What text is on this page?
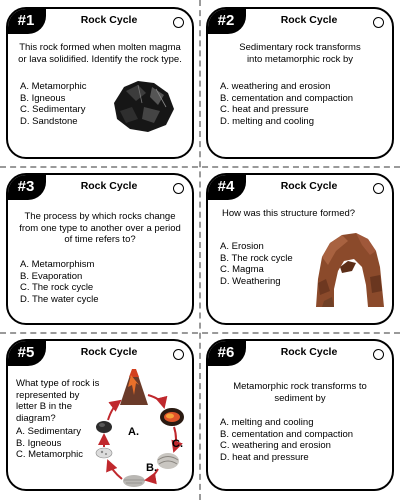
#1	Rock Cycle
This rock formed when molten magma or lava solidified. Identify the rock type.
A. Metamorphic
B. Igneous
C. Sedimentary
D. Sandstone
#2	Rock Cycle
Sedimentary rock transforms into metamorphic rock by
A. weathering and erosion
B. cementation and compaction
C. heat and pressure
D. melting and cooling
#3	Rock Cycle
The process by which rocks change from one type to another over a period of time refers to?
A. Metamorphism
B. Evaporation
C. The rock cycle
D. The water cycle
#4	Rock Cycle
How was this structure formed?
A. Erosion
B. The rock cycle
C. Magma
D. Weathering
#5	Rock Cycle
What type of rock is represented by letter B in the diagram?
A. Sedimentary
B. Igneous
C. Metamorphic
A.
B.
C.
#6	Rock Cycle
Metamorphic rock transforms to sediment by
A. melting and cooling
B. cementation and compaction
C. weathering and erosion
D. heat and pressure
